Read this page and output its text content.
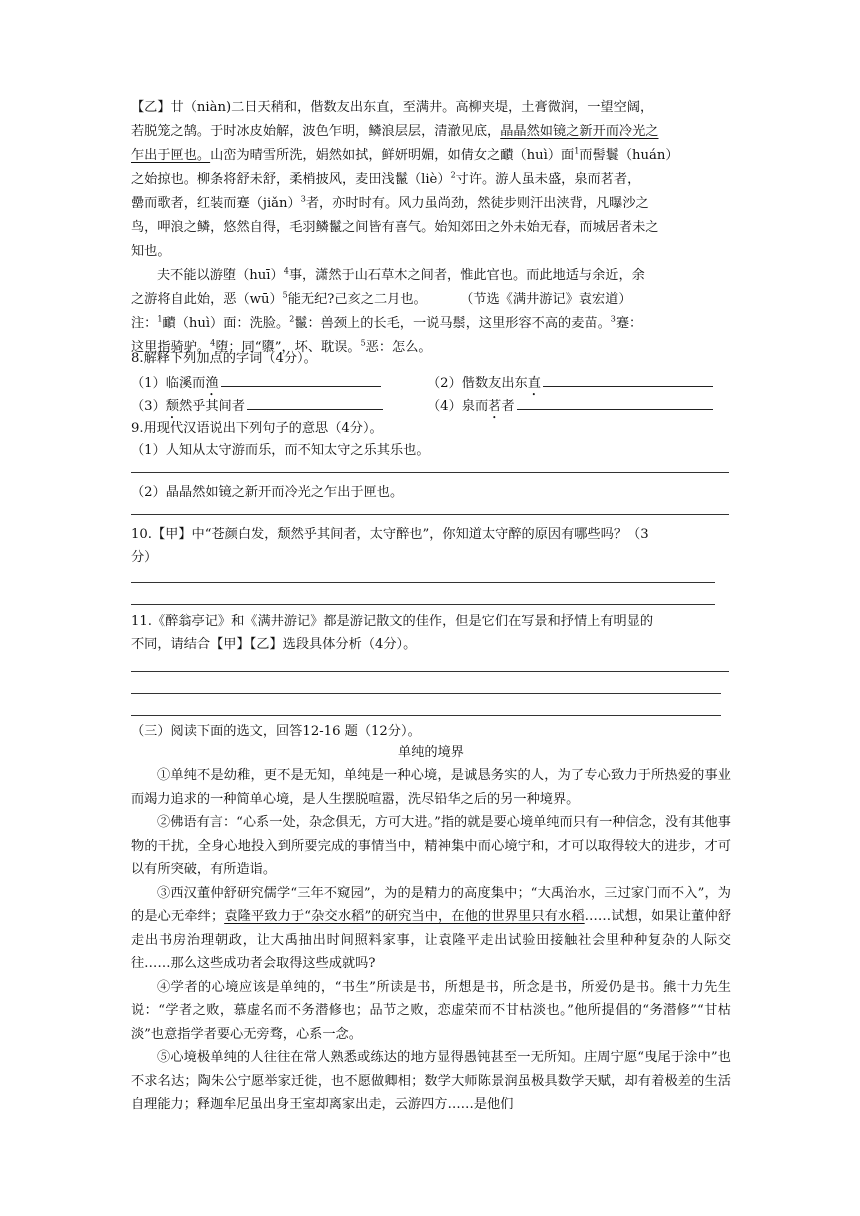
【乙】廿（niàn)二日天稍和，偕数友出东直，至满井。高柳夹堤，土膏微润，一望空阔，
若脱笼之鹄。于时冰皮始解，波色乍明，鳞浪层层，清澈见底，晶晶然如镜之新开而冷光之
乍出于匣也。山峦为晴雪所洗，娟然如拭，鲜妍明媚，如倩女之靧（huì）面$^1$而髻鬟（huán）
之始掠也。柳条将舒未舒，柔梢披风，麦田浅鬣（liè）$^2$寸许。游人虽未盛，泉而茗者，
罍而歌者，红装而蹇（jiǎn）$^3$者，亦时时有。风力虽尚劲，然徒步则汗出浃背，凡曝沙之
鸟，呷浪之鳞，悠然自得，毛羽鳞鬣之间皆有喜气。始知郊田之外未始无春，而城居者未之
知也。
夫不能以游堕（huī）$^4$事，潇然于山石草木之间者，惟此官也。而此地适与余近，余
之游将自此始，恶（wū）$^5$能无纪?己亥之二月也。	（节选《满井游记》袁宏道）
注：$^1$靧（huì）面：洗脸。$^2$鬣：兽颈上的长毛，一说马鬃，这里形容不高的麦苗。$^3$蹇：
这里指骑驴。$^4$堕：同“隳”，坏、耽误。$^5$恶：怎么。
8.解释下列加点的字词（4分）。
（1） 临溪而 渔	（2） 偕数友出东 直
（3） 颓 然乎其间者	（4） 泉而 茗 者
9.用现代汉语说出下列句子的意思（4分）。
（1）人知从太守游而乐，而不知太守之乐其乐也。
（2）晶晶然如镜之新开而冷光之乍出于匣也。
10.【甲】中“苍颜白发，颓然乎其间者，太守醉也”，你知道太守醉的原因有哪些吗？（3
分）
11.《醉翁亭记》和《满井游记》都是游记散文的佳作，但是它们在写景和抒情上有明显的
不同，请结合【甲】【乙】选段具体分析（4分）。
（三）阅读下面的选文，回答12-16 题（12分）。
单纯的境界
①单纯不是幼稚，更不是无知，单纯是一种心境，是诚恳务实的人，为了专心致力于所热爱的事业而竭力追求的一种简单心境，是人生摆脱喧嚣，洗尽铅华之后的另一种境界。
②佛语有言：“心系一处，杂念俱无，方可大进。”指的就是要心境单纯而只有一种信念，没有其他事物的干扰，全身心地投入到所要完成的事情当中，精神集中而心境宁和，才可以取得较大的进步，才可以有所突破，有所造诣。
③西汉董仲舒研究儒学“三年不窥园”，为的是精力的高度集中；“大禹治水，三过家门而不入”，为的是心无牵绊；袁隆平致力于“杂交水稻”的研究当中，在他的世界里只有水稻……试想，如果让董仲舒走出书房治理朝政，让大禹抽出时间照料家事，让袁隆平走出试验田接触社会里种种复杂的人际交往……那么这些成功者会取得这些成就吗?
④学者的心境应该是单纯的，“书生”所读是书，所想是书，所念是书，所爱仍是书。熊十力先生说：“学者之败，慕虚名而不务潜修也；品节之败，恋虚荣而不甘枯淡也。”他所提倡的“务潜修”“甘枯淡”也意指学者要心无旁骛，心系一念。
⑤心境极单纯的人往往在常人熟悉或练达的地方显得愚钝甚至一无所知。庄周宁愿“曳尾于涂中”也不求名达；陶朱公宁愿举家迁徙，也不愿做卿相；数学大师陈景润虽极具数学天赋，却有着极差的生活自理能力；释迦牟尼虽出身王室却离家出走，云游四方……是他们
